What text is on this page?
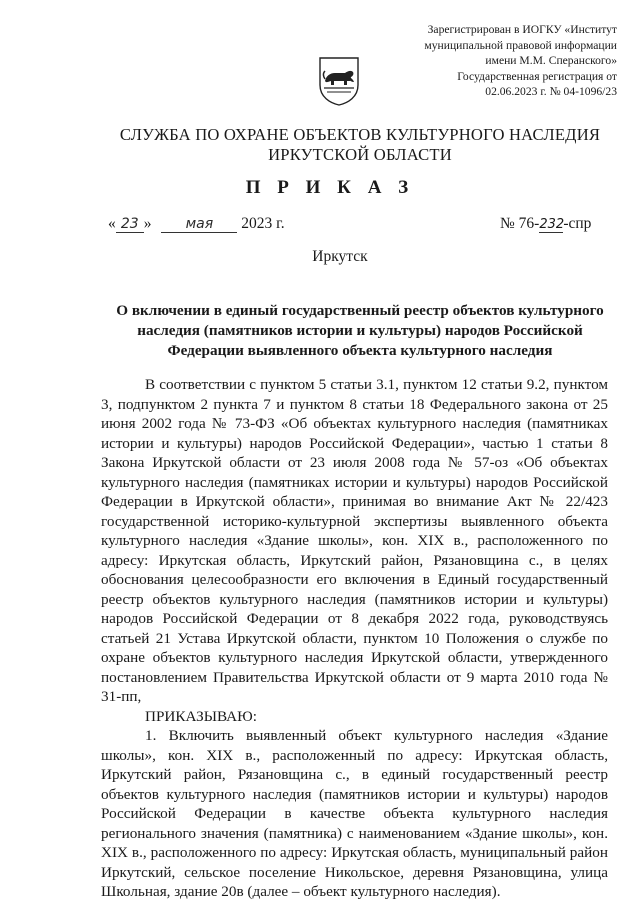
Зарегистрирован в ИОГКУ «Институт
муниципальной правовой информации
имени М.М. Сперанского»
Государственная регистрация от
02.06.2023 г. № 04-1096/23
СЛУЖБА ПО ОХРАНЕ ОБЪЕКТОВ КУЛЬТУРНОГО НАСЛЕДИЯ
ИРКУТСКОЙ ОБЛАСТИ
П Р И К А З
« 23 » мая 2023 г.	№ 76-232-спр
Иркутск
О включении в единый государственный реестр объектов культурного наследия (памятников истории и культуры) народов Российской Федерации выявленного объекта культурного наследия

В соответствии с пунктом 5 статьи 3.1, пунктом 12 статьи 9.2, пунктом 3, подпунктом 2 пункта 7 и пунктом 8 статьи 18 Федерального закона от 25 июня 2002 года № 73-ФЗ «Об объектах культурного наследия (памятниках истории и культуры) народов Российской Федерации», частью 1 статьи 8 Закона Иркутской области от 23 июля 2008 года № 57-оз «Об объектах культурного наследия (памятниках истории и культуры) народов Российской Федерации в Иркутской области», принимая во внимание Акт № 22/423 государственной историко-культурной экспертизы выявленного объекта культурного наследия «Здание школы», кон. XIX в., расположенного по адресу: Иркутская область, Иркутский район, Рязановщина с., в целях обоснования целесообразности его включения в Единый государственный реестр объектов культурного наследия (памятников истории и культуры) народов Российской Федерации от 8 декабря 2022 года, руководствуясь статьей 21 Устава Иркутской области, пунктом 10 Положения о службе по охране объектов культурного наследия Иркутской области, утвержденного постановлением Правительства Иркутской области от 9 марта 2010 года № 31-пп,

ПРИКАЗЫВАЮ:

1. Включить выявленный объект культурного наследия «Здание школы», кон. XIX в., расположенный по адресу: Иркутская область, Иркутский район, Рязановщина с., в единый государственный реестр объектов культурного наследия (памятников истории и культуры) народов Российской Федерации в качестве объекта культурного наследия регионального значения (памятника) с наименованием «Здание школы», кон. XIX в., расположенного по адресу: Иркутская область, муниципальный район Иркутский, сельское поселение Никольское, деревня Рязановщина, улица Школьная, здание 20в (далее – объект культурного наследия).
